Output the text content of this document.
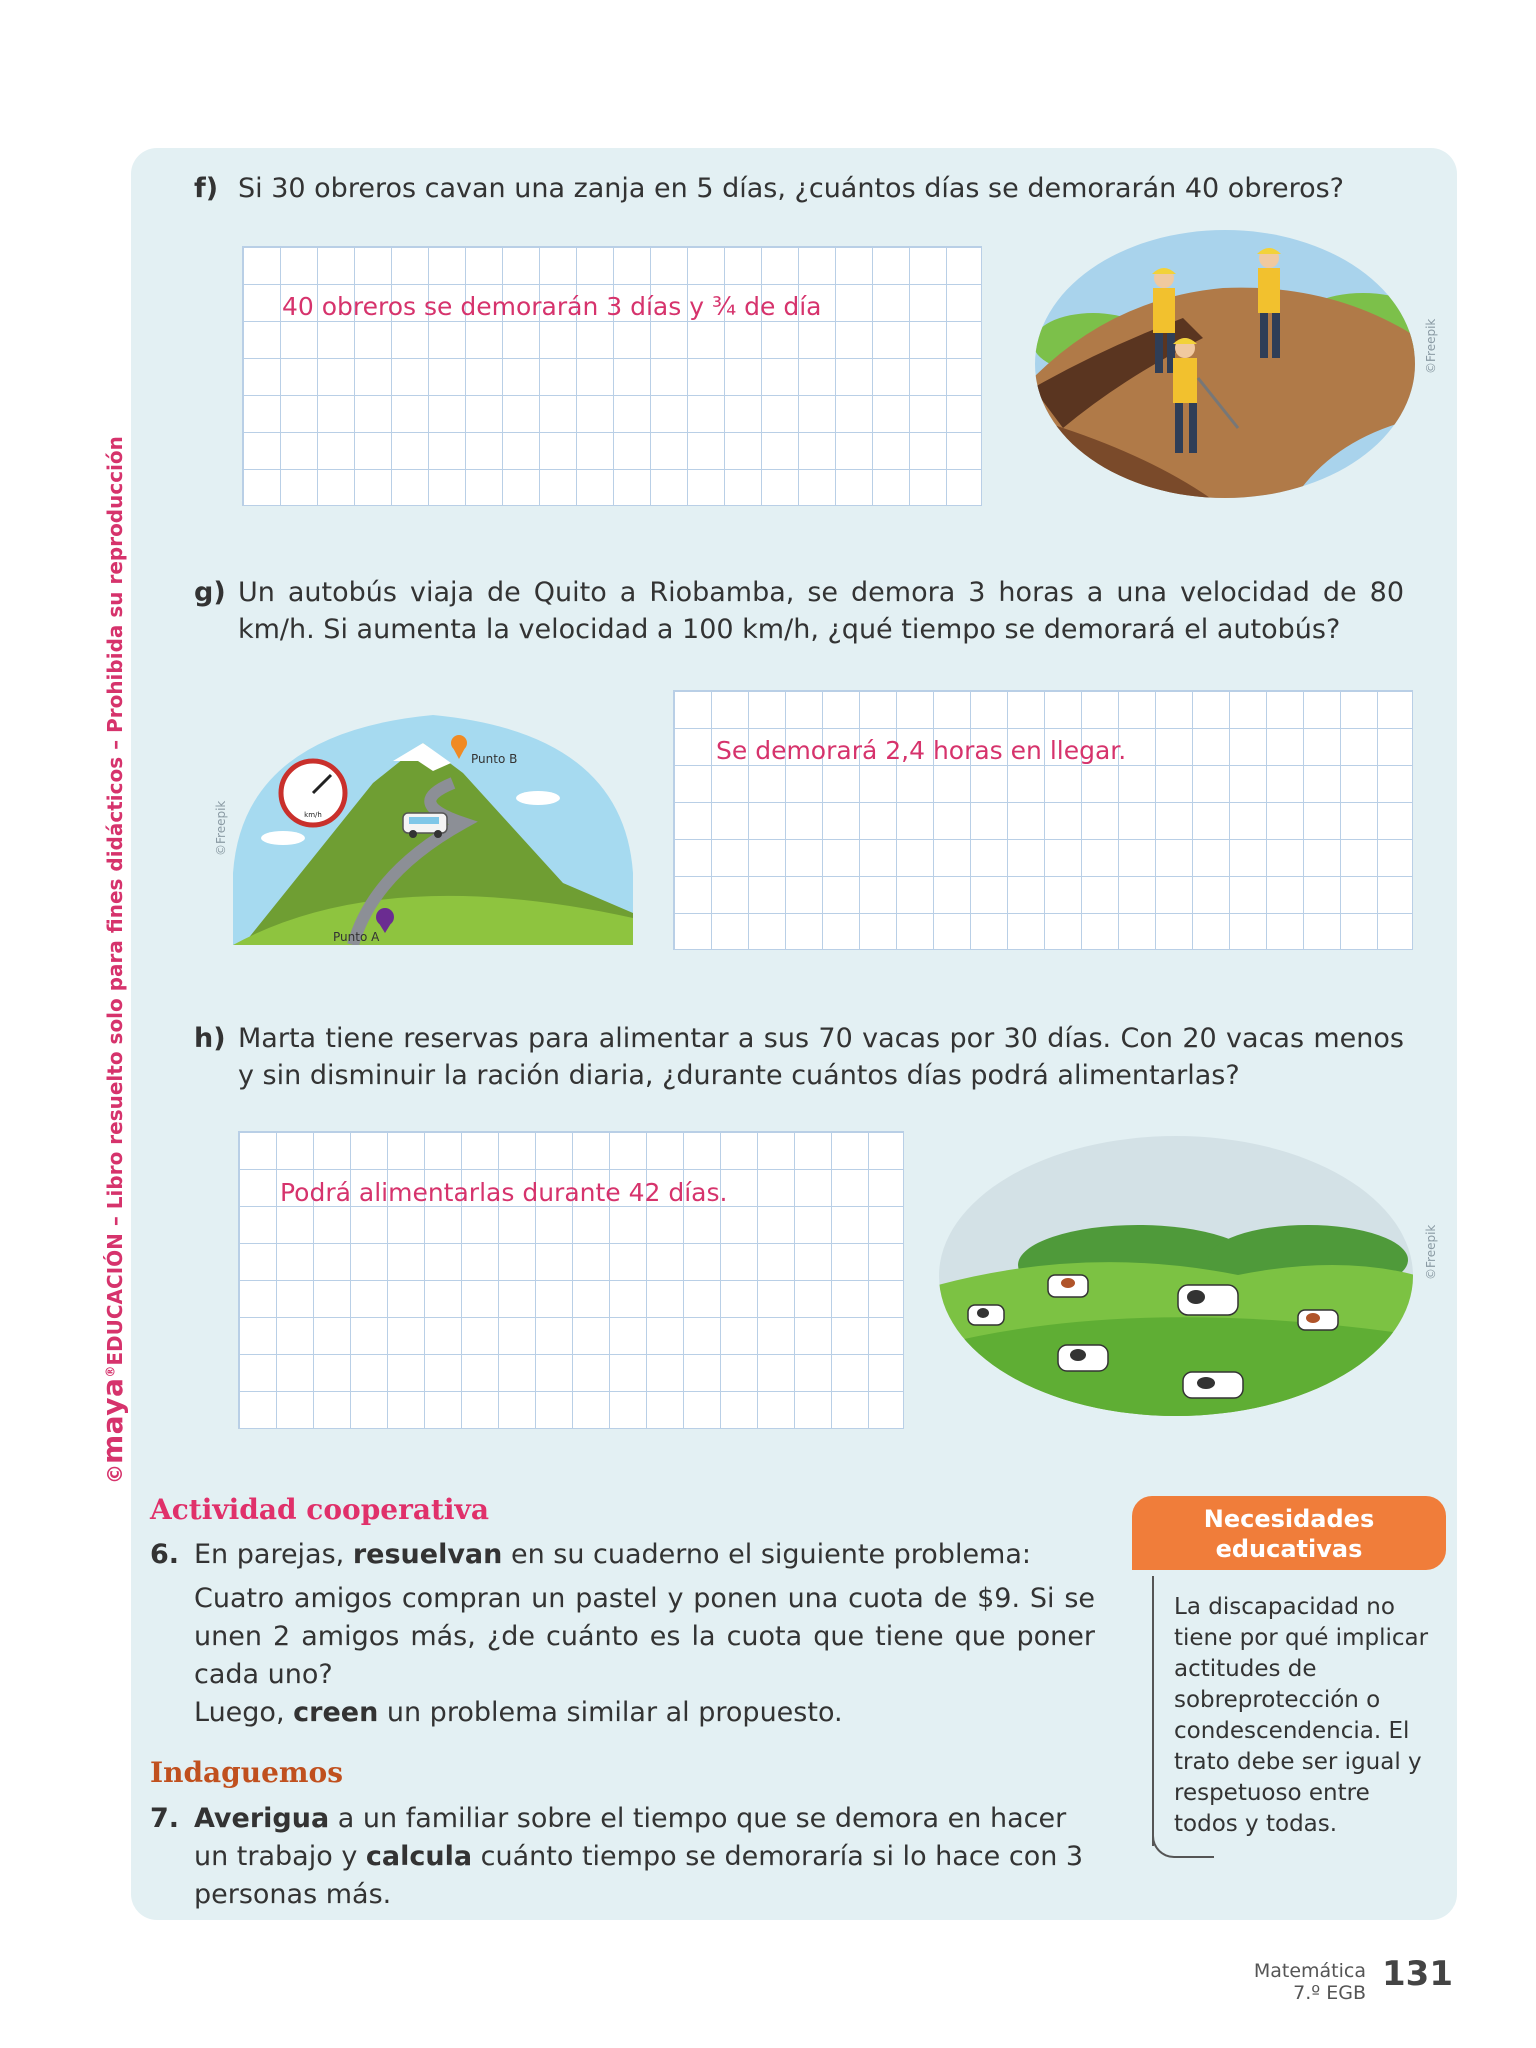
©maya®EDUCACIÓN – Libro resuelto solo para fines didácticos – Prohibida su reproducción
f) Si 30 obreros cavan una zanja en 5 días, ¿cuántos días se demorarán 40 obreros?
40 obreros se demorarán 3 días y ¾ de día
©Freepik
g) Un autobús viaja de Quito a Riobamba, se demora 3 horas a una velocidad de 80 km/h. Si aumenta la velocidad a 100 km/h, ¿qué tiempo se demorará el autobús?
Se demorará 2,4 horas en llegar.
km/h
Punto B
Punto A
©Freepik
h) Marta tiene reservas para alimentar a sus 70 vacas por 30 días. Con 20 vacas menos y sin disminuir la ración diaria, ¿durante cuántos días podrá alimentarlas?
Podrá alimentarlas durante 42 días.
©Freepik
Actividad cooperativa
6. En parejas, resuelvan en su cuaderno el siguiente problema:

Cuatro amigos compran un pastel y ponen una cuota de $9. Si se unen 2 amigos más, ¿de cuánto es la cuota que tiene que poner cada uno?
Luego, creen un problema similar al propuesto.
Indaguemos
7. Averigua a un familiar sobre el tiempo que se demora en hacer un trabajo y calcula cuánto tiempo se demoraría si lo hace con 3 personas más.
Necesidades educativas
La discapacidad no tiene por qué implicar actitudes de sobreprotección o condescendencia. El trato debe ser igual y respetuoso entre todos y todas.
Matemática
7.º EGB 131
